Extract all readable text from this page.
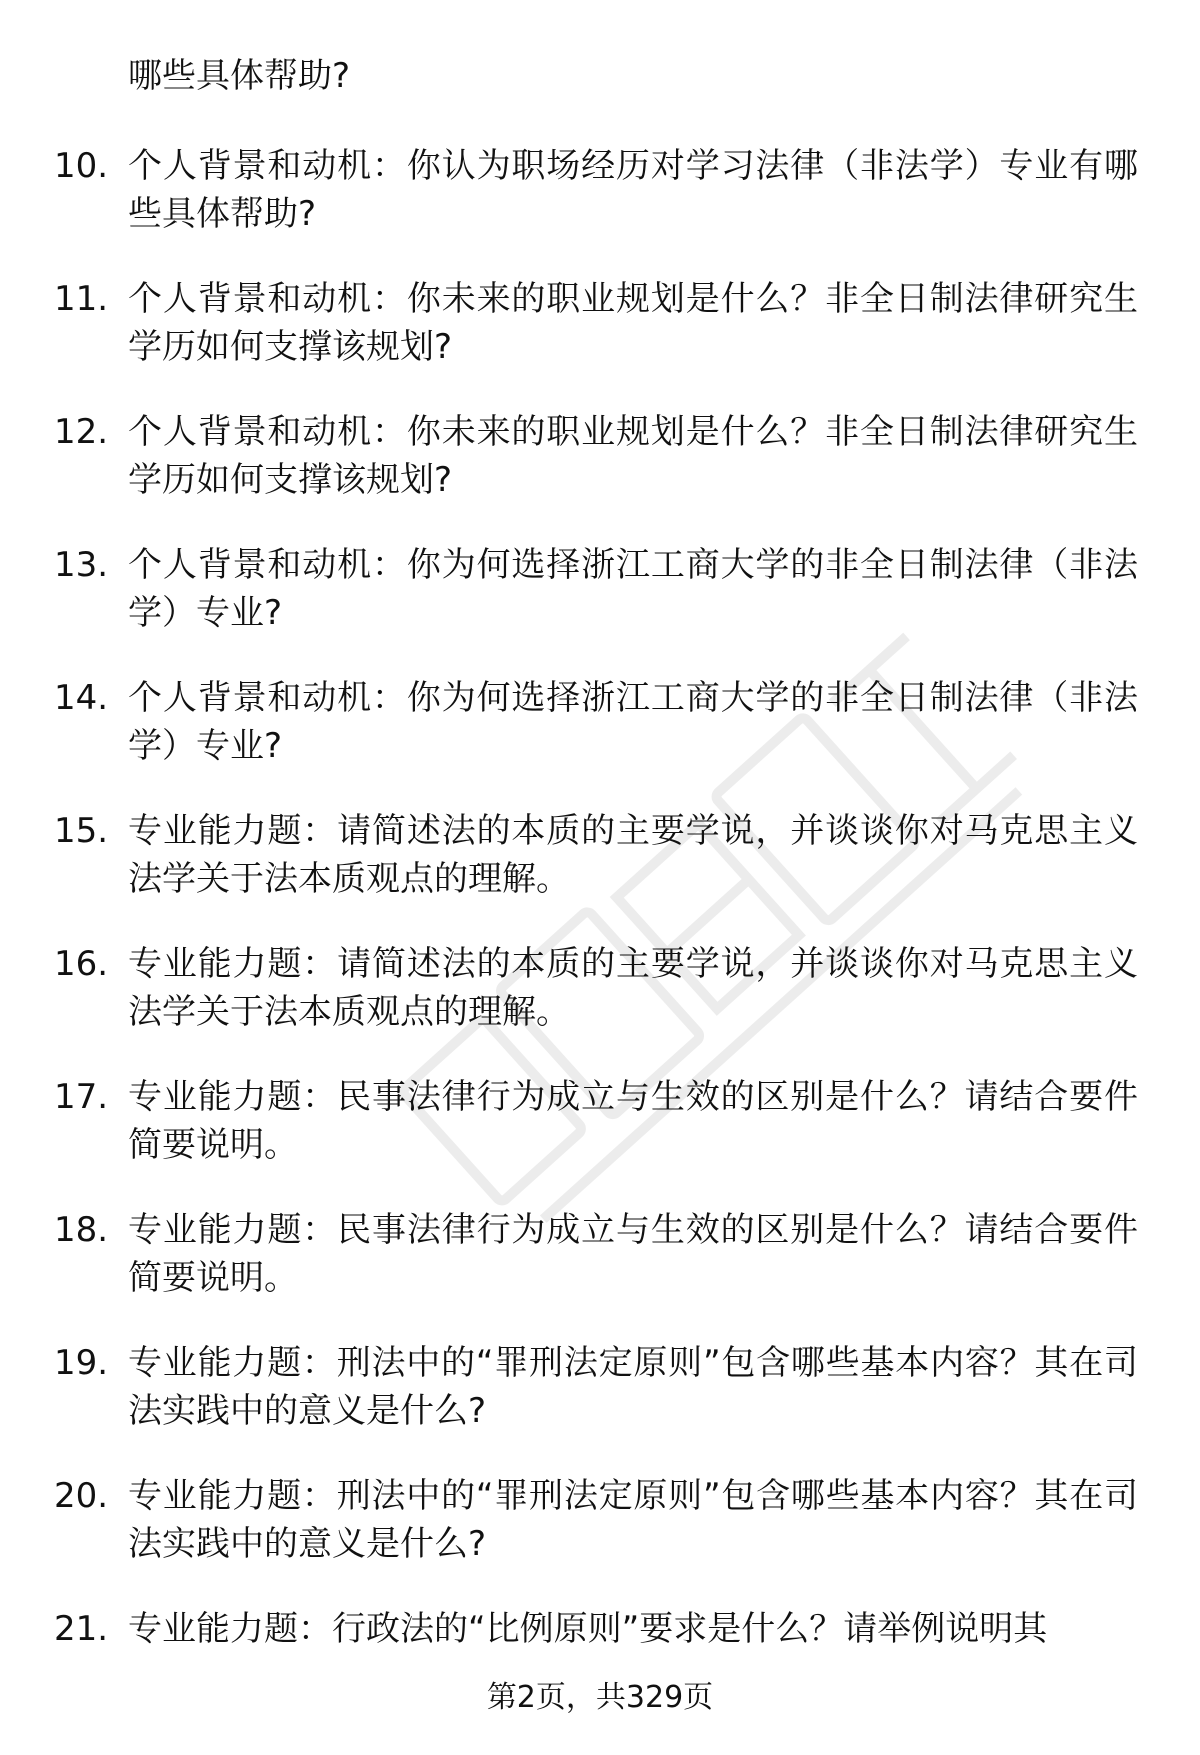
哪些具体帮助?
10. 个人背景和动机：你认为职场经历对学习法律（非法学）专业有哪些具体帮助?
11. 个人背景和动机：你未来的职业规划是什么？非全日制法律研究生学历如何支撑该规划?
12. 个人背景和动机：你未来的职业规划是什么？非全日制法律研究生学历如何支撑该规划?
13. 个人背景和动机：你为何选择浙江工商大学的非全日制法律（非法学）专业?
14. 个人背景和动机：你为何选择浙江工商大学的非全日制法律（非法学）专业?
15. 专业能力题：请简述法的本质的主要学说，并谈谈你对马克思主义法学关于法本质观点的理解。
16. 专业能力题：请简述法的本质的主要学说，并谈谈你对马克思主义法学关于法本质观点的理解。
17. 专业能力题：民事法律行为成立与生效的区别是什么？请结合要件简要说明。
18. 专业能力题：民事法律行为成立与生效的区别是什么？请结合要件简要说明。
19. 专业能力题：刑法中的“罪刑法定原则”包含哪些基本内容？其在司法实践中的意义是什么?
20. 专业能力题：刑法中的“罪刑法定原则”包含哪些基本内容？其在司法实践中的意义是什么?
21. 专业能力题：行政法的“比例原则”要求是什么？请举例说明其
第2页，共329页
